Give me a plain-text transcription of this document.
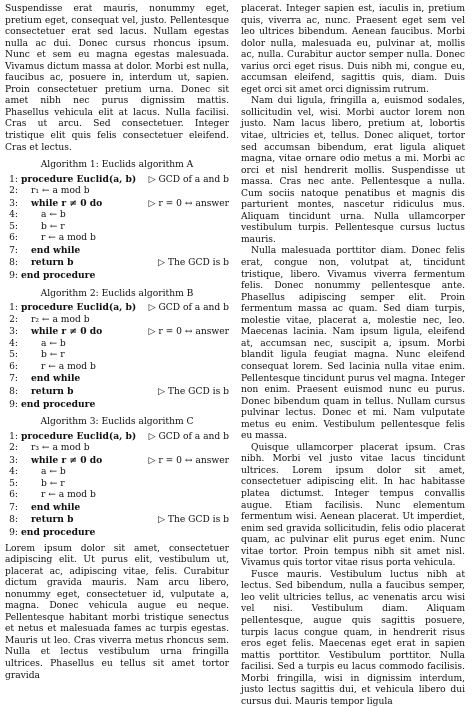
Suspendisse erat mauris, nonummy eget, pretium eget, consequat vel, justo. Pellentesque consectetuer erat sed lacus. Nullam egestas nulla ac dui. Donec cursus rhoncus ipsum. Nunc et sem eu magna egestas malesuada. Vivamus dictum massa at dolor. Morbi est nulla, faucibus ac, posuere in, interdum ut, sapien. Proin consectetuer pretium urna. Donec sit amet nibh nec purus dignissim mattis. Phasellus vehicula elit at lacus. Nulla facilisi. Cras ut arcu. Sed consectetuer. Integer tristique elit quis felis consectetuer eleifend. Cras et lectus.

Algorithm 1: Euclids algorithm A
1: procedure Euclid(a, b)	▷ GCD of a and b
2:	r₁ ← a mod b
3:	while r ≠ 0 do	▷ r = 0 ↔ answer
4:	a ← b
5:	b ← r
6:	r ← a mod b
7:	end while
8:	return b	▷ The GCD is b
9: end procedure
Algorithm 2: Euclids algorithm B
1: procedure Euclid(a, b)	▷ GCD of a and b
2:	r₂ ← a mod b
3:	while r ≠ 0 do	▷ r = 0 ↔ answer
4:	a ← b
5:	b ← r
6:	r ← a mod b
7:	end while
8:	return b	▷ The GCD is b
9: end procedure
Algorithm 3: Euclids algorithm C
1: procedure Euclid(a, b)	▷ GCD of a and b
2:	r₃ ← a mod b
3:	while r ≠ 0 do	▷ r = 0 ↔ answer
4:	a ← b
5:	b ← r
6:	r ← a mod b
7:	end while
8:	return b	▷ The GCD is b
9: end procedure

Lorem ipsum dolor sit amet, consectetuer adipiscing elit. Ut purus elit, vestibulum ut, placerat ac, adipiscing vitae, felis. Curabitur dictum gravida mauris. Nam arcu libero, nonummy eget, consectetuer id, vulputate a, magna. Donec vehicula augue eu neque. Pellentesque habitant morbi tristique senectus et netus et malesuada fames ac turpis egestas. Mauris ut leo. Cras viverra metus rhoncus sem. Nulla et lectus vestibulum urna fringilla ultrices. Phasellus eu tellus sit amet tortor gravida

placerat. Integer sapien est, iaculis in, pretium quis, viverra ac, nunc. Praesent eget sem vel leo ultrices bibendum. Aenean faucibus. Morbi dolor nulla, malesuada eu, pulvinar at, mollis ac, nulla. Curabitur auctor semper nulla. Donec varius orci eget risus. Duis nibh mi, congue eu, accumsan eleifend, sagittis quis, diam. Duis eget orci sit amet orci dignissim rutrum.

Nam dui ligula, fringilla a, euismod sodales, sollicitudin vel, wisi. Morbi auctor lorem non justo. Nam lacus libero, pretium at, lobortis vitae, ultricies et, tellus. Donec aliquet, tortor sed accumsan bibendum, erat ligula aliquet magna, vitae ornare odio metus a mi. Morbi ac orci et nisl hendrerit mollis. Suspendisse ut massa. Cras nec ante. Pellentesque a nulla. Cum sociis natoque penatibus et magnis dis parturient montes, nascetur ridiculus mus. Aliquam tincidunt urna. Nulla ullamcorper vestibulum turpis. Pellentesque cursus luctus mauris.

Nulla malesuada porttitor diam. Donec felis erat, congue non, volutpat at, tincidunt tristique, libero. Vivamus viverra fermentum felis. Donec nonummy pellentesque ante. Phasellus adipiscing semper elit. Proin fermentum massa ac quam. Sed diam turpis, molestie vitae, placerat a, molestie nec, leo. Maecenas lacinia. Nam ipsum ligula, eleifend at, accumsan nec, suscipit a, ipsum. Morbi blandit ligula feugiat magna. Nunc eleifend consequat lorem. Sed lacinia nulla vitae enim. Pellentesque tincidunt purus vel magna. Integer non enim. Praesent euismod nunc eu purus. Donec bibendum quam in tellus. Nullam cursus pulvinar lectus. Donec et mi. Nam vulputate metus eu enim. Vestibulum pellentesque felis eu massa.

Quisque ullamcorper placerat ipsum. Cras nibh. Morbi vel justo vitae lacus tincidunt ultrices. Lorem ipsum dolor sit amet, consectetuer adipiscing elit. In hac habitasse platea dictumst. Integer tempus convallis augue. Etiam facilisis. Nunc elementum fermentum wisi. Aenean placerat. Ut imperdiet, enim sed gravida sollicitudin, felis odio placerat quam, ac pulvinar elit purus eget enim. Nunc vitae tortor. Proin tempus nibh sit amet nisl. Vivamus quis tortor vitae risus porta vehicula.

Fusce mauris. Vestibulum luctus nibh at lectus. Sed bibendum, nulla a faucibus semper, leo velit ultricies tellus, ac venenatis arcu wisi vel nisi. Vestibulum diam. Aliquam pellentesque, augue quis sagittis posuere, turpis lacus congue quam, in hendrerit risus eros eget felis. Maecenas eget erat in sapien mattis porttitor. Vestibulum porttitor. Nulla facilisi. Sed a turpis eu lacus commodo facilisis. Morbi fringilla, wisi in dignissim interdum, justo lectus sagittis dui, et vehicula libero dui cursus dui. Mauris tempor ligula
